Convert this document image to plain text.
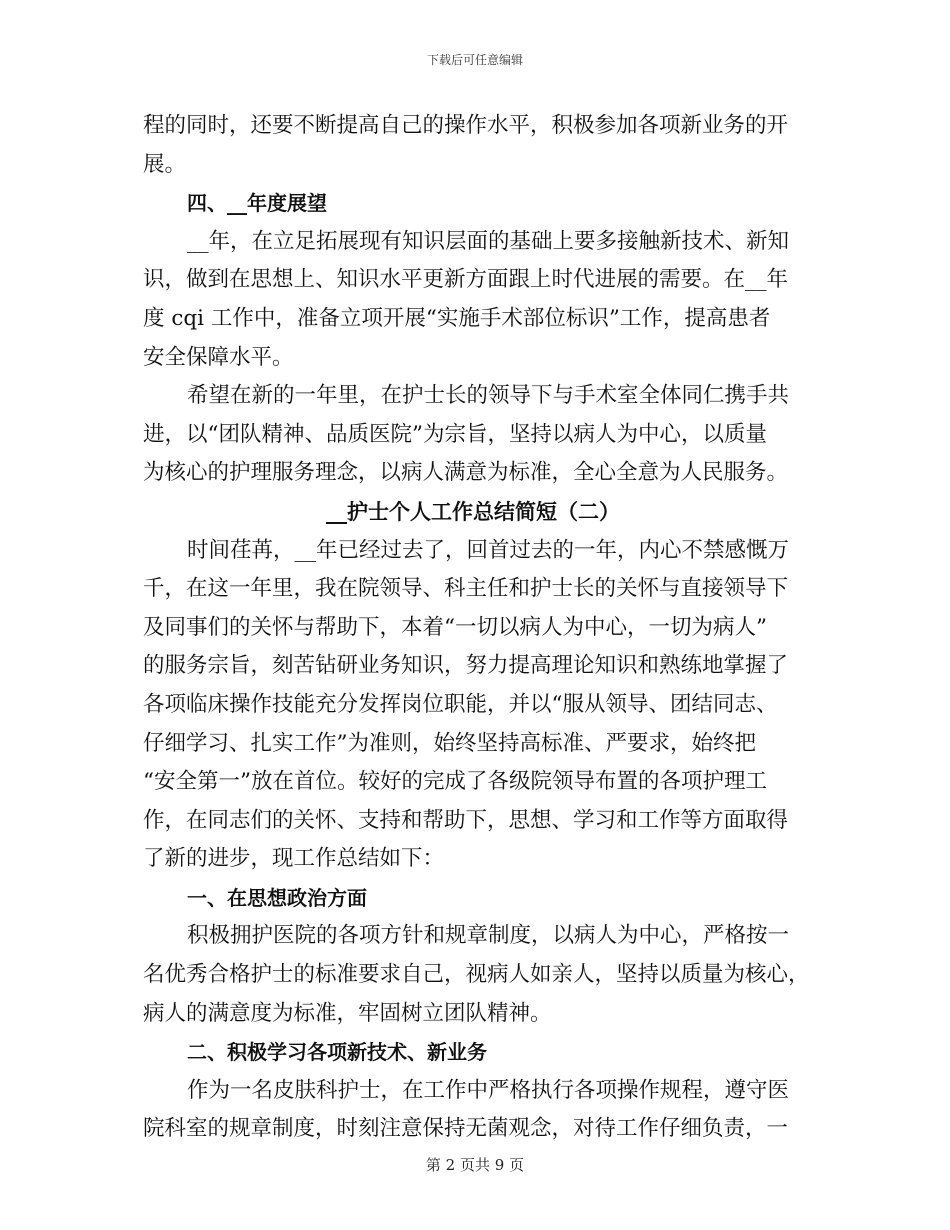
下载后可任意编辑
程的同时，还要不断提高自己的操作水平，积极参加各项新业务的开
展。
四、__年度展望
__年，在立足拓展现有知识层面的基础上要多接触新技术、新知
识，做到在思想上、知识水平更新方面跟上时代进展的需要。在__年
度 cqi 工作中，准备立项开展“实施手术部位标识”工作，提高患者
安全保障水平。
希望在新的一年里，在护士长的领导下与手术室全体同仁携手共
进，以“团队精神、品质医院”为宗旨，坚持以病人为中心，以质量
为核心的护理服务理念，以病人满意为标准，全心全意为人民服务。
__护士个人工作总结简短（二）
时间荏苒，__年已经过去了，回首过去的一年，内心不禁感慨万
千，在这一年里，我在院领导、科主任和护士长的关怀与直接领导下
及同事们的关怀与帮助下，本着“一切以病人为中心，一切为病人”
的服务宗旨，刻苦钻研业务知识，努力提高理论知识和熟练地掌握了
各项临床操作技能充分发挥岗位职能，并以“服从领导、团结同志、
仔细学习、扎实工作”为准则，始终坚持高标准、严要求，始终把
“安全第一”放在首位。较好的完成了各级院领导布置的各项护理工
作，在同志们的关怀、支持和帮助下，思想、学习和工作等方面取得
了新的进步，现工作总结如下：
一、在思想政治方面
积极拥护医院的各项方针和规章制度，以病人为中心，严格按一
名优秀合格护士的标准要求自己，视病人如亲人，坚持以质量为核心，
病人的满意度为标准，牢固树立团队精神。
二、积极学习各项新技术、新业务
作为一名皮肤科护士，在工作中严格执行各项操作规程，遵守医
院科室的规章制度，时刻注意保持无菌观念，对待工作仔细负责，一
第 2 页共 9 页
